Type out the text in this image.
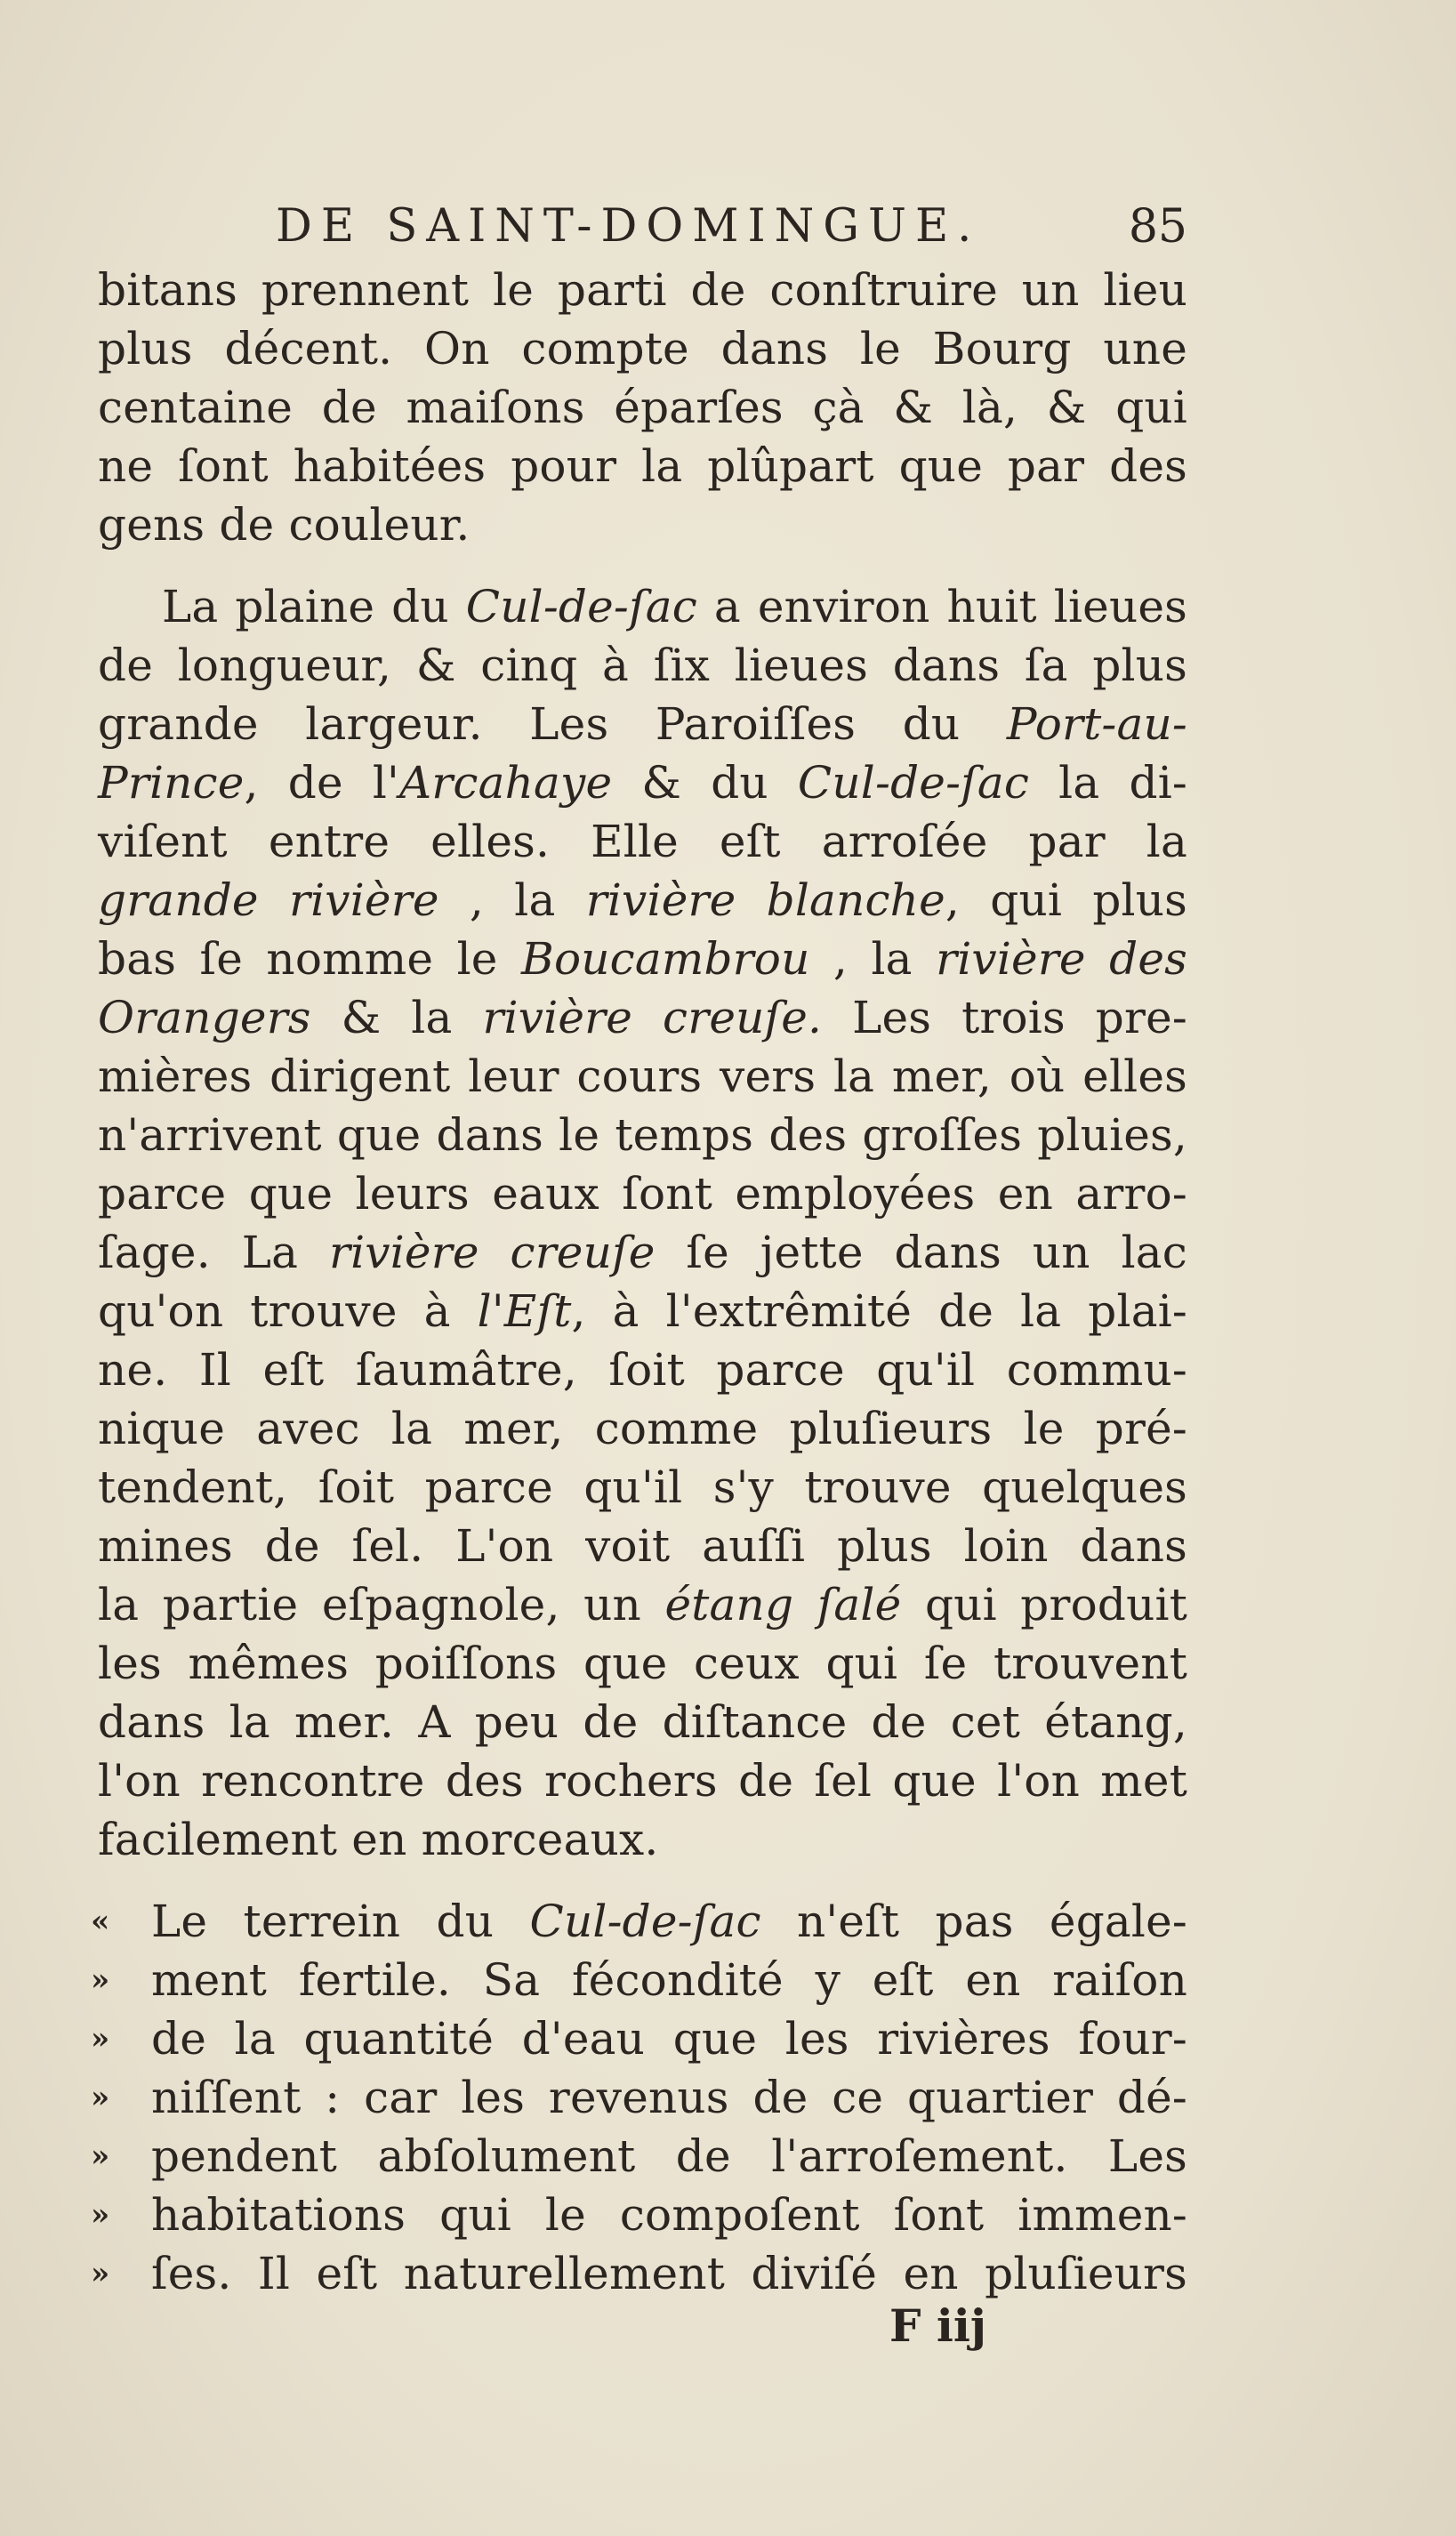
DE SAINT-DOMINGUE.	85
bitans prennent le parti de conſtruire un lieu
plus décent. On compte dans le Bourg une
centaine de maiſons éparſes çà & là, & qui
ne ſont habitées pour la plûpart que par des
gens de couleur.
La plaine du Cul-de-ſac a environ huit lieues
de longueur, & cinq à ſix lieues dans ſa plus
grande largeur. Les Paroiſſes du Port-au-
Prince, de l'Arcahaye & du Cul-de-ſac la di-
viſent entre elles. Elle eſt arroſée par la
grande rivière , la rivière blanche, qui plus
bas ſe nomme le Boucambrou , la rivière des
Orangers & la rivière creuſe. Les trois pre-
mières dirigent leur cours vers la mer, où elles
n'arrivent que dans le temps des groſſes pluies,
parce que leurs eaux ſont employées en arro-
ſage. La rivière creuſe ſe jette dans un lac
qu'on trouve à l'Eſt, à l'extrêmité de la plai-
ne. Il eſt ſaumâtre, ſoit parce qu'il commu-
nique avec la mer, comme pluſieurs le pré-
tendent, ſoit parce qu'il s'y trouve quelques
mines de ſel. L'on voit auſſi plus loin dans
la partie eſpagnole, un étang ſalé qui produit
les mêmes poiſſons que ceux qui ſe trouvent
dans la mer. A peu de diſtance de cet étang,
l'on rencontre des rochers de ſel que l'on met
facilement en morceaux.
« Le terrein du Cul-de-ſac n'eſt pas égale-
» ment fertile. Sa fécondité y eſt en raiſon
» de la quantité d'eau que les rivières four-
» niſſent : car les revenus de ce quartier dé-
» pendent abſolument de l'arroſement. Les
» habitations qui le compoſent ſont immen-
» ſes. Il eſt naturellement diviſé en pluſieurs
F iij
